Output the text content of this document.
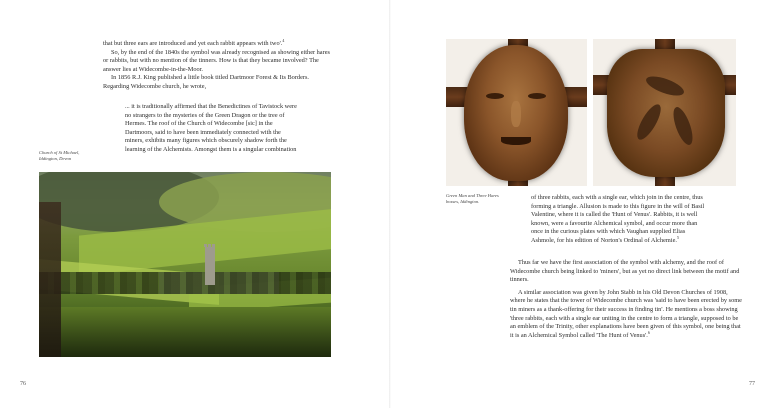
that but three ears are introduced and yet each rabbit appears with two'.$^4$

So, by the end of the 1840s the symbol was already recognised as showing either hares or rabbits, but with no mention of the tinners. How is that they became involved? The answer lies at Widecombe-in-the-Moor.

In 1856 R.J. King published a little book titled Dartmoor Forest & Its Borders. Regarding Widecombe church, he wrote,

... it is traditionally affirmed that the Benedictines of Tavistock were
no strangers to the mysteries of the Green Dragon or the tree of
Hermes. The roof of the Church of Widecombe [sic] in the
Dartmoors, said to have been immediately connected with the
miners, exhibits many figures which obscurely shadow forth the
learning of the Alchemists. Amongst them is a singular combination
Church of St Michael, Iddington, Devon
76
Green Man and Three Hares bosses, Iddington.
of three rabbits, each with a single ear, which join in the centre, thus
forming a triangle. Allusion is made to this figure in the will of Basil
Valentine, where it is called the 'Hunt of Venus'. Rabbits, it is well
known, were a favourite Alchemical symbol, and occur more than
once in the curious plates with which Vaughan supplied Elias
Ashmole, for his edition of Norton's Ordinal of Alchemie.$^5$

Thus far we have the first association of the symbol with alchemy, and the roof of Widecombe church being linked to 'miners', but as yet no direct link between the motif and tinners.

A similar association was given by John Stabb in his Old Devon Churches of 1908, where he states that the tower of Widecombe church was 'said to have been erected by some tin miners as a thank-offering for their success in finding tin'. He mentions a boss showing 'three rabbits, each with a single ear uniting in the centre to form a triangle, supposed to be an emblem of the Trinity, other explanations have been given of this symbol, one being that it is an Alchemical Symbol called 'The Hunt of Venus'.$^6$

77
